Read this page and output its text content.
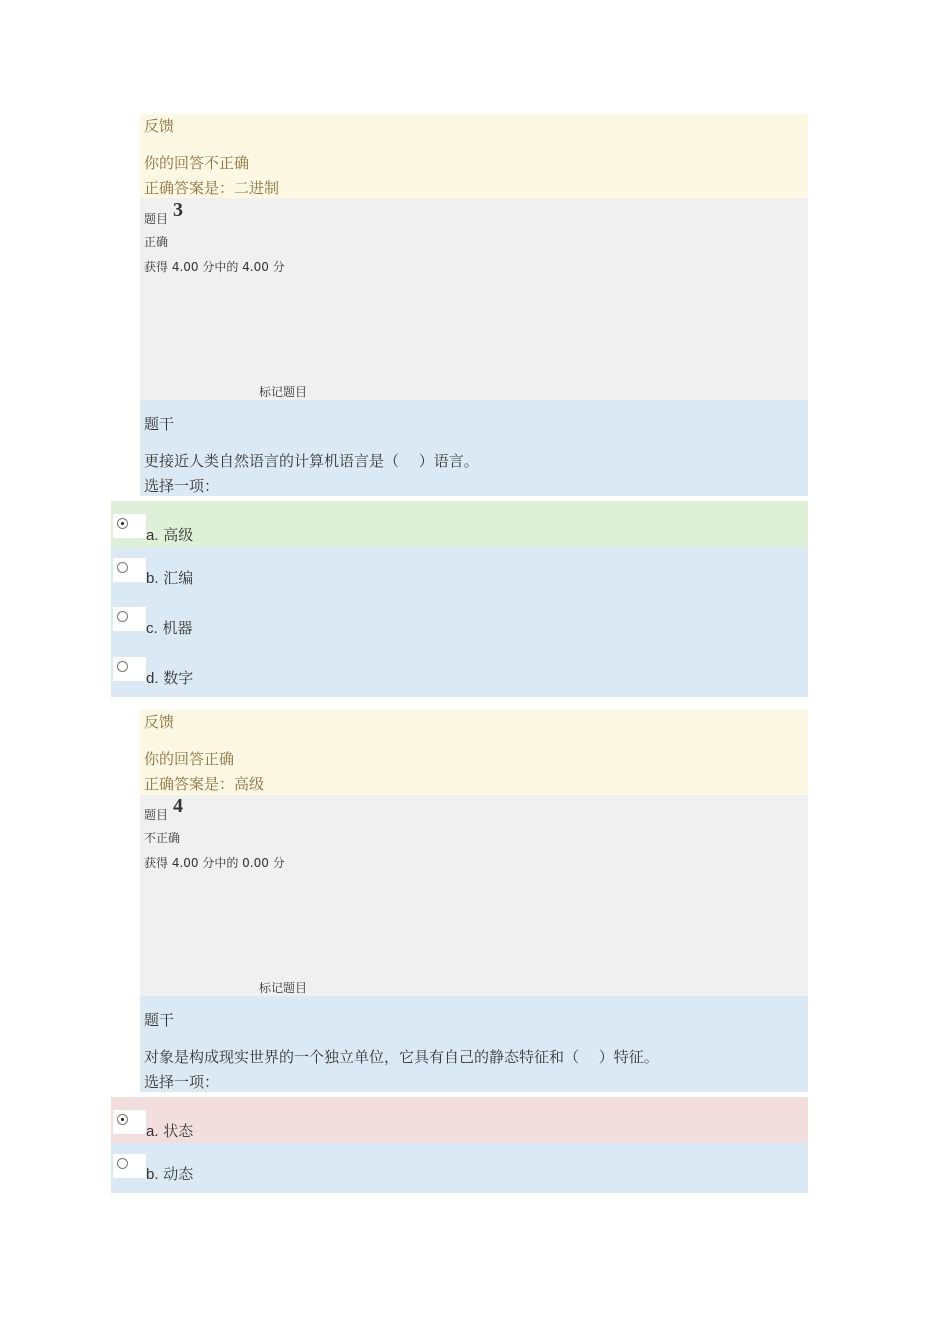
反馈
你的回答不正确
正确答案是：二进制
题目 3
正确
获得 4.00 分中的 4.00 分
标记题目
题干
更接近人类自然语言的计算机语言是（　 ）语言。
选择一项：
a. 高级
b. 汇编
c. 机器
d. 数字
反馈
你的回答正确
正确答案是：高级
题目 4
不正确
获得 4.00 分中的 0.00 分
标记题目
题干
对象是构成现实世界的一个独立单位，它具有自己的静态特征和（　 ）特征。
选择一项：
a. 状态
b. 动态
